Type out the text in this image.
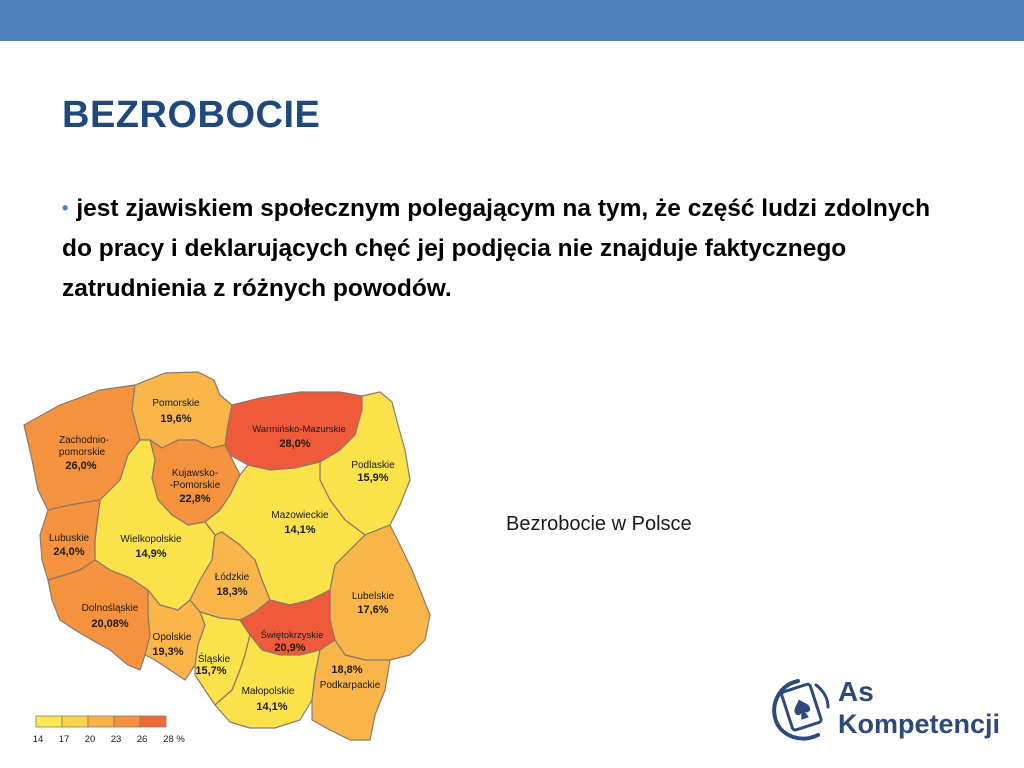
BEZROBOCIE
• jest zjawiskiem społecznym polegającym na tym, że część ludzi zdolnych do pracy i deklarujących chęć jej podjęcia nie znajduje faktycznego zatrudnienia z różnych powodów.
Pomorskie
19,6%
Warmińsko-Mazurskie
28,0%
Zachodnio-
pomorskie
26,0%	Podlaskie
15,9%
Kujawsko-
-Pomorskie
22,8%
Mazowieckie
14,1%
Lubuskie
24,0%
Wielkopolskie
14,9%
Łódzkie
18,3%	Lubelskie
17,6%
Dolnośląskie
20,08%
Opolskie
19,3%
Świętokrzyskie
20,9%
Śląskie
15,7%	18,8%
Podkarpackie
Małopolskie
14,1%
14 17 20 23 26 28 %
Bezrobocie w Polsce
As
Kompetencji
